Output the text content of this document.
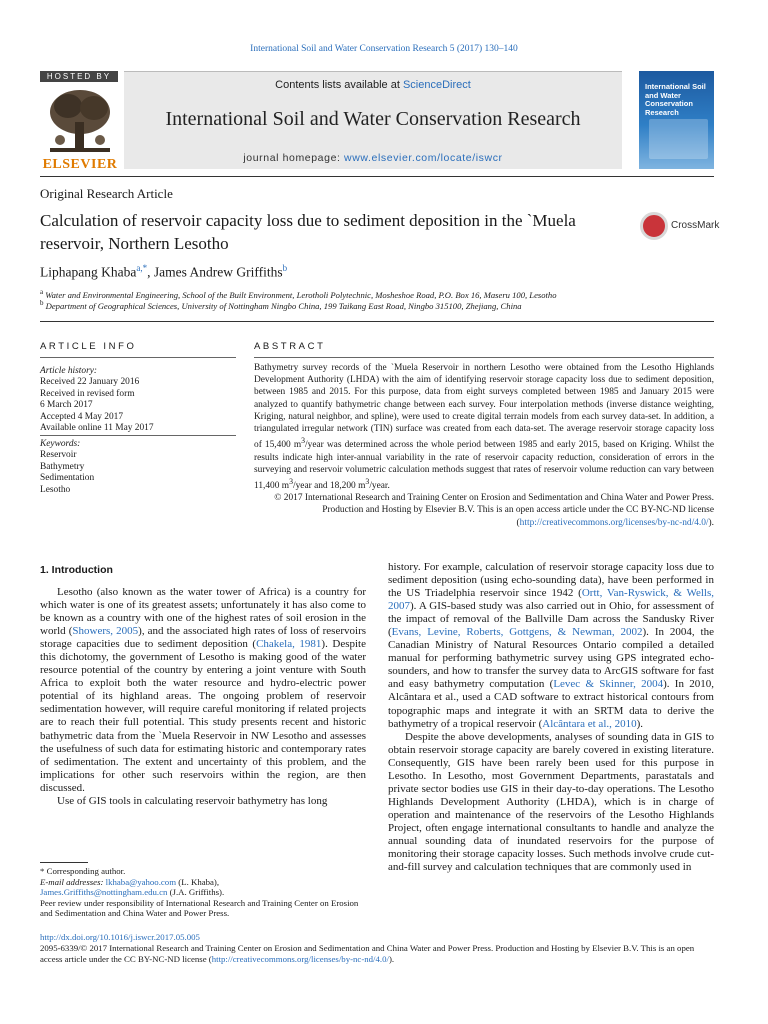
International Soil and Water Conservation Research 5 (2017) 130–140
HOSTED BY
ELSEVIER
Contents lists available at ScienceDirect
International Soil and Water Conservation Research
journal homepage: www.elsevier.com/locate/iswcr
International Soil and Water Conservation Research
Original Research Article
Calculation of reservoir capacity loss due to sediment deposition in the `Muela reservoir, Northern Lesotho
CrossMark
Liphapang Khaba$^{a,*}$, James Andrew Griffiths$^b$
$^a$ Water and Environmental Engineering, School of the Built Environment, Lerotholi Polytechnic, Mosheshoe Road, P.O. Box 16, Maseru 100, Lesotho
$^b$ Department of Geographical Sciences, University of Nottingham Ningbo China, 199 Taikang East Road, Ningbo 315100, Zhejiang, China
ARTICLE INFO
Article history:
Received 22 January 2016
Received in revised form
6 March 2017
Accepted 4 May 2017
Available online 11 May 2017
Keywords:
Reservoir
Bathymetry
Sedimentation
Lesotho
ABSTRACT

Bathymetry survey records of the `Muela Reservoir in northern Lesotho were obtained from the Lesotho Highlands Development Authority (LHDA) with the aim of identifying reservoir storage capacity loss due to sediment deposition, between 1985 and 2015. For this purpose, data from eight surveys completed between 1985 and January 2015 were analyzed to quantify bathymetric change between each survey. Four interpolation methods (inverse distance weighting, Kriging, natural neighbor, and spline), were used to create digital terrain models from each survey data-set. In addition, a triangulated irregular network (TIN) surface was created from each data-set. The average reservoir storage capacity loss of 15,400 $m^3$/year was determined across the whole period between 1985 and early 2015, based on Kriging. Whilst the results indicate high inter-annual variability in the rate of reservoir capacity reduction, consideration of errors in the surveying and reservoir volumetric calculation methods suggest that rates of reservoir volume reduction can vary between 11,400 $m^3$/year and 18,200 $m^3$/year.

© 2017 International Research and Training Center on Erosion and Sedimentation and China Water and Power Press. Production and Hosting by Elsevier B.V. This is an open access article under the CC BY-NC-ND license (http://creativecommons.org/licenses/by-nc-nd/4.0/).

1. Introduction

Lesotho (also known as the water tower of Africa) is a country for which water is one of its greatest assets; unfortunately it has also come to be known as a country with one of the highest rates of soil erosion in the world (Showers, 2005), and the associated high rates of loss of reservoirs storage capacities due to sediment deposition (Chakela, 1981). Despite this dichotomy, the government of Lesotho is making good of the water resource potential of the country by entering a joint venture with South Africa to exploit both the water resource and hydro-electric power potential of its highland areas. The ongoing problem of reservoir sedimentation however, will require careful monitoring if related projects are to reach their full potential. This study presents recent and historic bathymetric data from the `Muela Reservoir in NW Lesotho and assesses the usefulness of such data for estimating historic and contemporary rates of sedimentation. The extent and uncertainty of this problem, and the implications for other such reservoirs within the region, are then discussed.

Use of GIS tools in calculating reservoir bathymetry has long

history. For example, calculation of reservoir storage capacity loss due to sediment deposition (using echo-sounding data), have been performed in the US Triadelphia reservoir since 1942 (Ortt, Van-Ryswick, & Wells, 2007). A GIS-based study was also carried out in Ohio, for assessment of the impact of removal of the Ballville Dam across the Sandusky River (Evans, Levine, Roberts, Gottgens, & Newman, 2002). In 2004, the Canadian Ministry of Natural Resources Ontario compiled a detailed manual for performing bathymetric survey using GPS integrated echo-sounders, and how to transfer the survey data to ArcGIS software for fast and easy bathymetry computation (Levec & Skinner, 2004). In 2010, Alcântara et al., used a CAD software to extract historical contours from topographic maps and integrate it with an SRTM data to derive the bathymetry of a tropical reservoir (Alcântara et al., 2010).

Despite the above developments, analyses of sounding data in GIS to obtain reservoir storage capacity are barely covered in existing literature. Consequently, GIS have been rarely been used for this purpose in Lesotho. In Lesotho, most Government Departments, parastatals and private sector bodies use GIS in their day-to-day operations. The Lesotho Highlands Development Authority (LHDA), which is in charge of operation and maintenance of the reservoirs of the Lesotho Highlands Project, often engage international consultants to handle and analyze the annual sounding data of inundated reservoirs for the purpose of monitoring their storage capacity losses. Such methods involve crude cut-and-fill survey and calculation techniques that are commonly used in

* Corresponding author.
E-mail addresses: lkhaba@yahoo.com (L. Khaba),
James.Griffiths@nottingham.edu.cn (J.A. Griffiths).
Peer review under responsibility of International Research and Training Center on Erosion and Sedimentation and China Water and Power Press.
http://dx.doi.org/10.1016/j.iswcr.2017.05.005
2095-6339/© 2017 International Research and Training Center on Erosion and Sedimentation and China Water and Power Press. Production and Hosting by Elsevier B.V. This is an open access article under the CC BY-NC-ND license (http://creativecommons.org/licenses/by-nc-nd/4.0/).
